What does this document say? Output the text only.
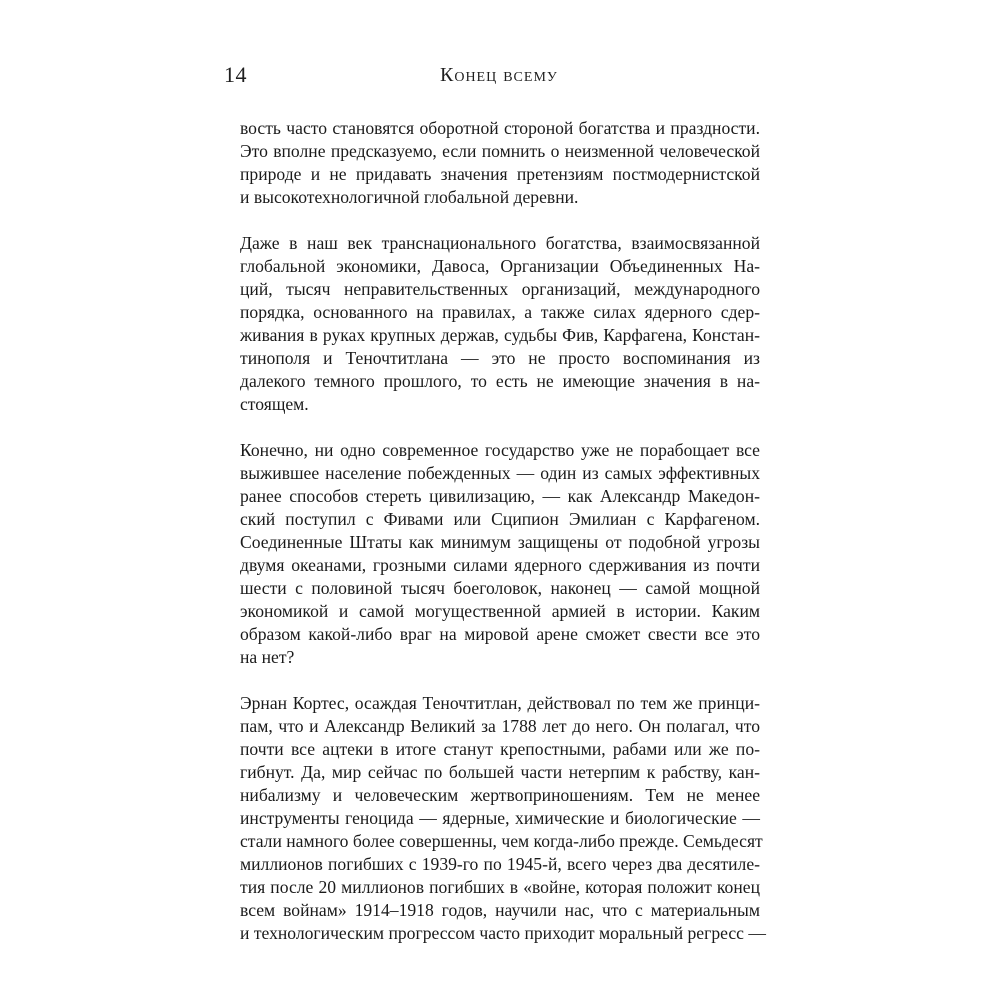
14	Конец всему
вость часто становятся оборотной стороной богатства и праздности.
Это вполне предсказуемо, если помнить о неизменной человеческой
природе и не придавать значения претензиям постмодернистской
и высокотехнологичной глобальной деревни.
Даже в наш век транснационального богатства, взаимосвязанной
глобальной экономики, Давоса, Организации Объединенных На-
ций, тысяч неправительственных организаций, международного
порядка, основанного на правилах, а также силах ядерного сдер-
живания в руках крупных держав, судьбы Фив, Карфагена, Констан-
тинополя и Теночтитлана — это не просто воспоминания из
далекого темного прошлого, то есть не имеющие значения в на-
стоящем.
Конечно, ни одно современное государство уже не порабощает все
выжившее население побежденных — один из самых эффективных
ранее способов стереть цивилизацию, — как Александр Македон-
ский поступил с Фивами или Сципион Эмилиан с Карфагеном.
Соединенные Штаты как минимум защищены от подобной угрозы
двумя океанами, грозными силами ядерного сдерживания из почти
шести с половиной тысяч боеголовок, наконец — самой мощной
экономикой и самой могущественной армией в истории. Каким
образом какой-либо враг на мировой арене сможет свести все это
на нет?
Эрнан Кортес, осаждая Теночтитлан, действовал по тем же принци-
пам, что и Александр Великий за 1788 лет до него. Он полагал, что
почти все ацтеки в итоге станут крепостными, рабами или же по-
гибнут. Да, мир сейчас по большей части нетерпим к рабству, кан-
нибализму и человеческим жертвоприношениям. Тем не менее
инструменты геноцида — ядерные, химические и биологические —
стали намного более совершенны, чем когда-либо прежде. Семьдесят
миллионов погибших с 1939-го по 1945-й, всего через два десятиле-
тия после 20 миллионов погибших в «войне, которая положит конец
всем войнам» 1914–1918 годов, научили нас, что с материальным
и технологическим прогрессом часто приходит моральный регресс —
